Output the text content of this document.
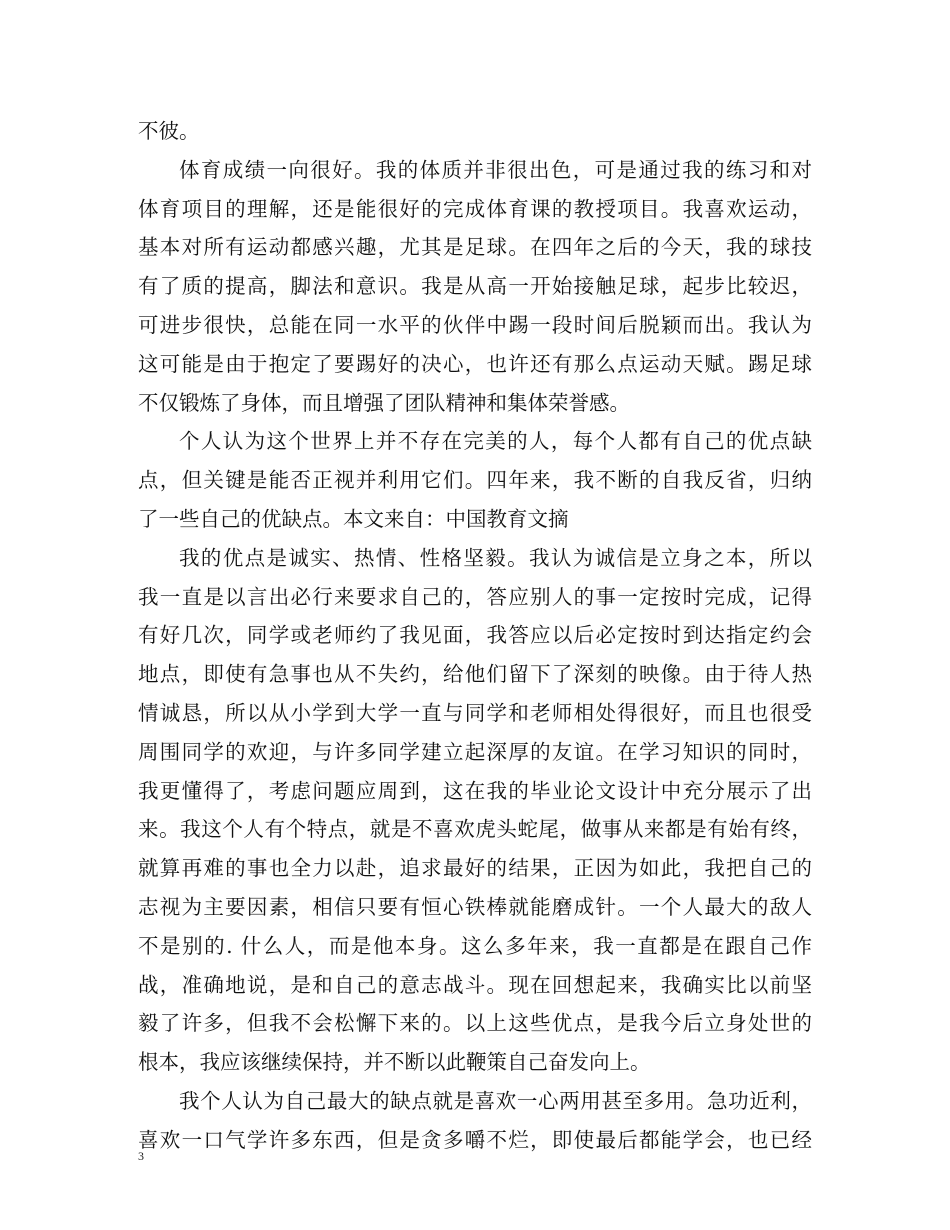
不彼。
体育成绩一向很好。我的体质并非很出色，可是通过我的练习和对
体育项目的理解，还是能很好的完成体育课的教授项目。我喜欢运动，
基本对所有运动都感兴趣，尤其是足球。在四年之后的今天，我的球技
有了质的提高，脚法和意识。我是从高一开始接触足球，起步比较迟，
可进步很快，总能在同一水平的伙伴中踢一段时间后脱颖而出。我认为
这可能是由于抱定了要踢好的决心，也许还有那么点运动天赋。踢足球
不仅锻炼了身体，而且增强了团队精神和集体荣誉感。
个人认为这个世界上并不存在完美的人，每个人都有自己的优点缺
点，但关键是能否正视并利用它们。四年来，我不断的自我反省，归纳
了一些自己的优缺点。本文来自：中国教育文摘
我的优点是诚实、热情、性格坚毅。我认为诚信是立身之本，所以
我一直是以言出必行来要求自己的，答应别人的事一定按时完成，记得
有好几次，同学或老师约了我见面，我答应以后必定按时到达指定约会
地点，即使有急事也从不失约，给他们留下了深刻的映像。由于待人热
情诚恳，所以从小学到大学一直与同学和老师相处得很好，而且也很受
周围同学的欢迎，与许多同学建立起深厚的友谊。在学习知识的同时，
我更懂得了，考虑问题应周到，这在我的毕业论文设计中充分展示了出
来。我这个人有个特点，就是不喜欢虎头蛇尾，做事从来都是有始有终，
就算再难的事也全力以赴，追求最好的结果，正因为如此，我把自己的
志视为主要因素，相信只要有恒心铁棒就能磨成针。一个人最大的敌人
不是别的. 什么人，而是他本身。这么多年来，我一直都是在跟自己作
战，准确地说，是和自己的意志战斗。现在回想起来，我确实比以前坚
毅了许多，但我不会松懈下来的。以上这些优点，是我今后立身处世的
根本，我应该继续保持，并不断以此鞭策自己奋发向上。
我个人认为自己最大的缺点就是喜欢一心两用甚至多用。急功近利，
喜欢一口气学许多东西，但是贪多嚼不烂，即使最后都能学会，也已经
3
